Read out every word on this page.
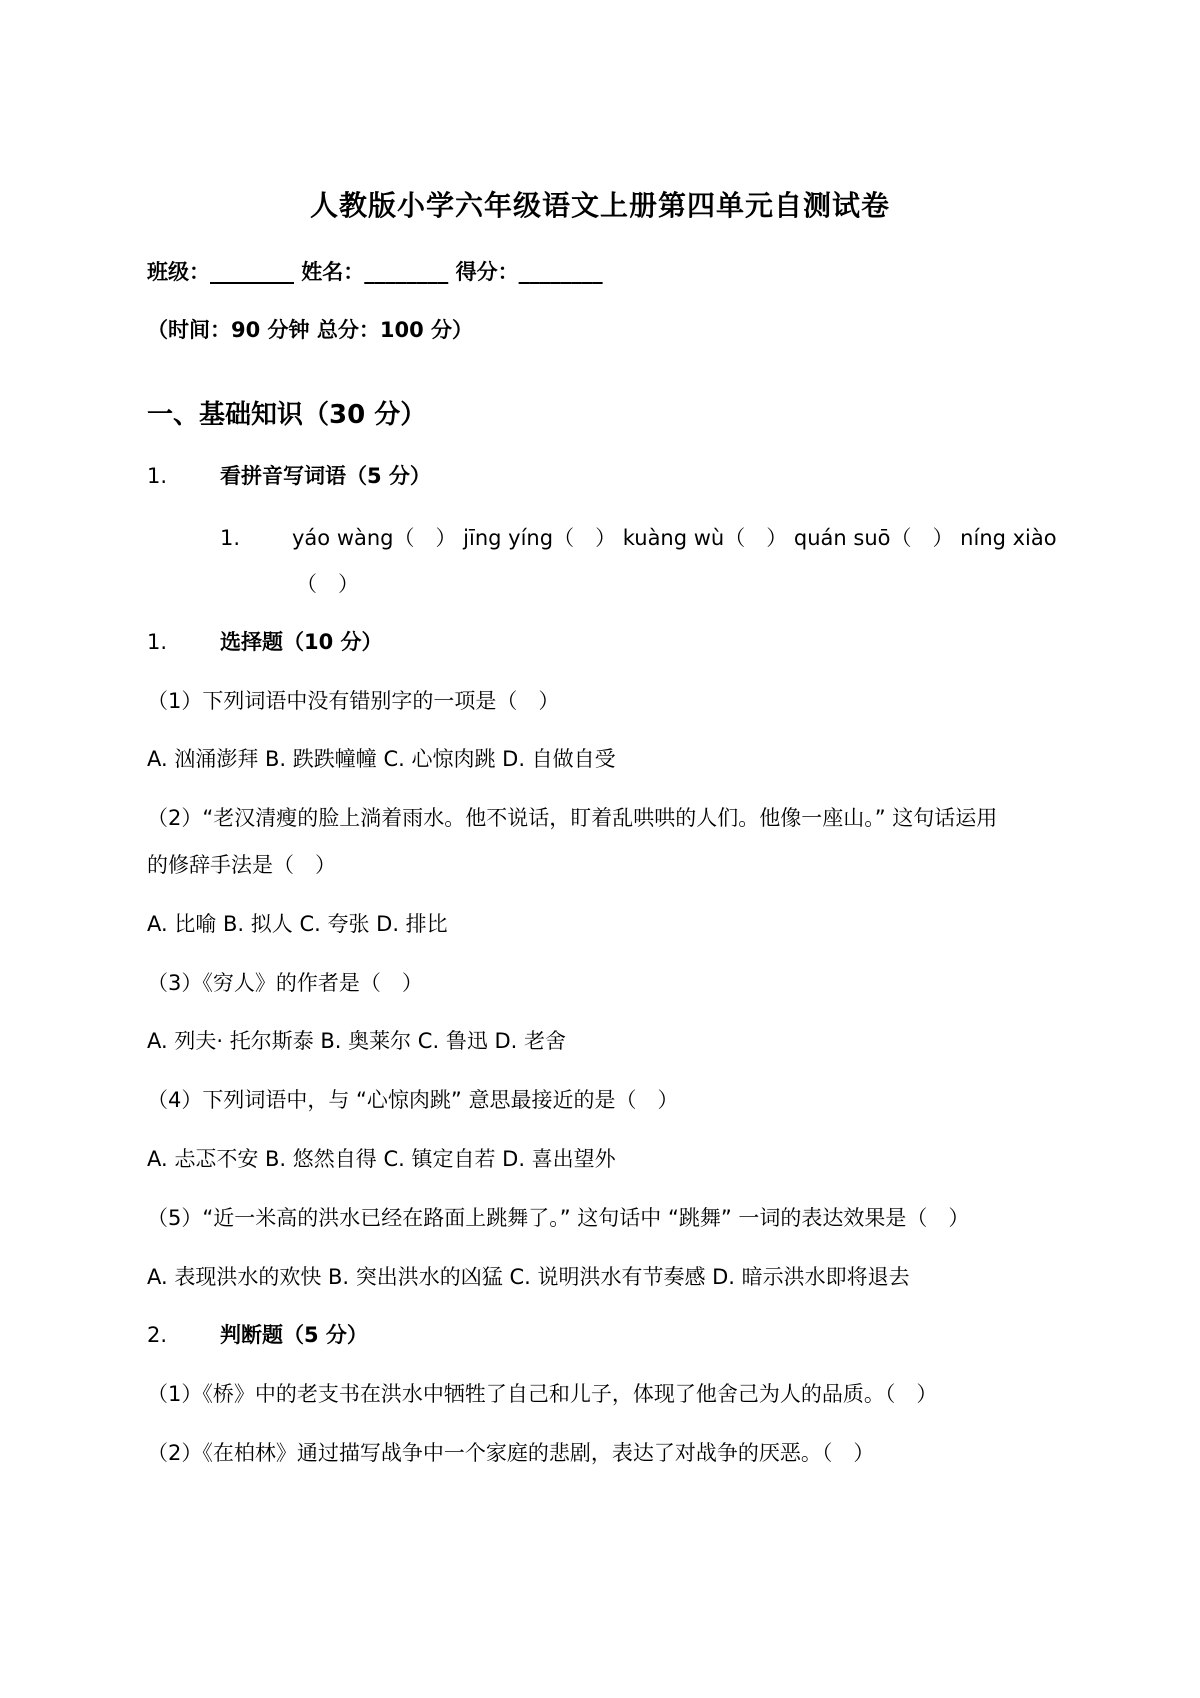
人教版小学六年级语文上册第四单元自测试卷
班级：________ 姓名：________ 得分：________
（时间：90 分钟 总分：100 分）
一、基础知识（30 分）
1.	看拼音写词语（5 分）
1. yáo wàng（　） jīng yíng（　） kuàng wù（　） quán suō（　） níng xiào
（　）
1.	选择题（10 分）
（1）下列词语中没有错别字的一项是（　）
A. 汹涌澎拜 B. 跌跌幢幢 C. 心惊肉跳 D. 自做自受
（2）“老汉清瘦的脸上淌着雨水。他不说话，盯着乱哄哄的人们。他像一座山。” 这句话运用
的修辞手法是（　）
A. 比喻 B. 拟人 C. 夸张 D. 排比
（3）《穷人》的作者是（　）
A. 列夫· 托尔斯泰 B. 奥莱尔 C. 鲁迅 D. 老舍
（4）下列词语中，与 “心惊肉跳” 意思最接近的是（　）
A. 忐忑不安 B. 悠然自得 C. 镇定自若 D. 喜出望外
（5）“近一米高的洪水已经在路面上跳舞了。” 这句话中 “跳舞” 一词的表达效果是（　）
A. 表现洪水的欢快 B. 突出洪水的凶猛 C. 说明洪水有节奏感 D. 暗示洪水即将退去
2.	判断题（5 分）
（1）《桥》中的老支书在洪水中牺牲了自己和儿子，体现了他舍己为人的品质。（　）
（2）《在柏林》通过描写战争中一个家庭的悲剧，表达了对战争的厌恶。（　）
